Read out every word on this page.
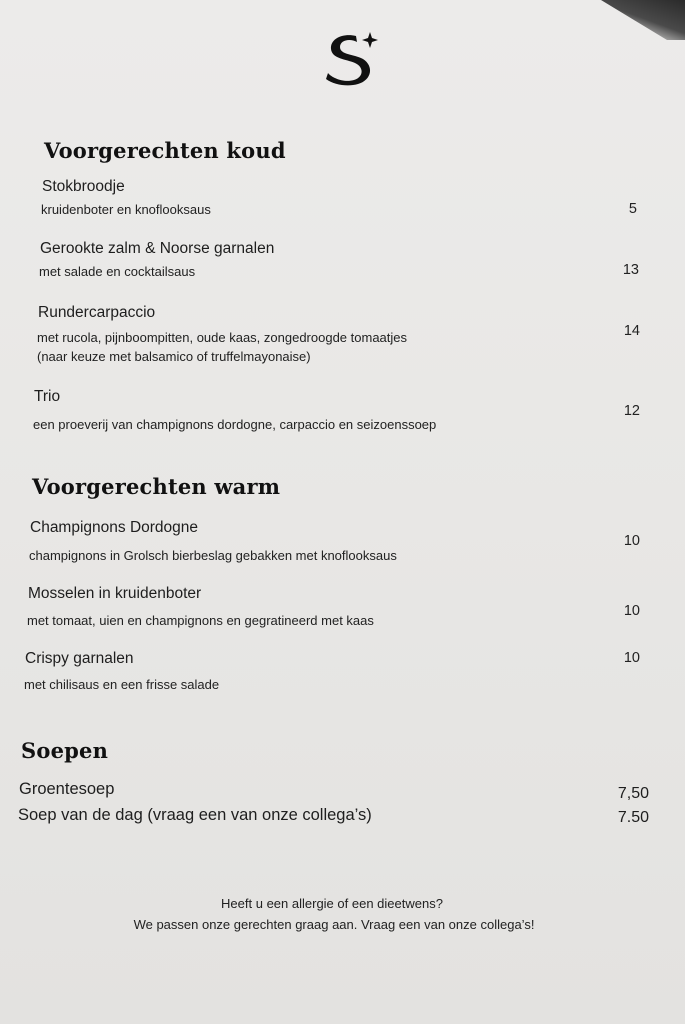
Voorgerechten koud
Stokbroodje
kruidenboter en knoflooksaus	5
Gerookte zalm & Noorse garnalen
met salade en cocktailsaus	13
Rundercarpaccio
met rucola, pijnboompitten, oude kaas, zongedroogde tomaatjes
(naar keuze met balsamico of truffelmayonaise)
14
Trio
een proeverij van champignons dordogne, carpaccio en seizoenssoep
12
Voorgerechten warm
Champignons Dordogne
champignons in Grolsch bierbeslag gebakken met knoflooksaus
10
Mosselen in kruidenboter
met tomaat, uien en champignons en gegratineerd met kaas
10
Crispy garnalen
met chilisaus en een frisse salade
10
Soepen
Groentesoep	7,50
Soep van de dag (vraag een van onze collega’s)	7.50
Heeft u een allergie of een dieetwens?
We passen onze gerechten graag aan. Vraag een van onze collega’s!
